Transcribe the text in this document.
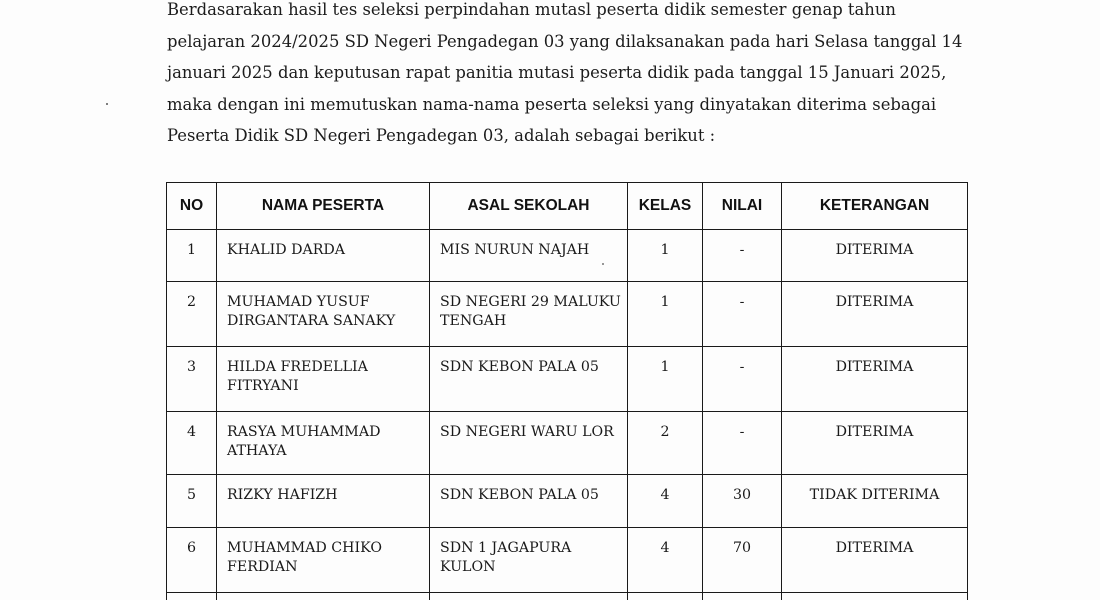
Berdasarakan hasil tes seleksi perpindahan mutasl peserta didik semester genap tahun
pelajaran 2024/2025 SD Negeri Pengadegan 03 yang dilaksanakan pada hari Selasa tanggal 14
januari 2025 dan keputusan rapat panitia mutasi peserta didik pada tanggal 15 Januari 2025,
maka dengan ini memutuskan nama-nama peserta seleksi yang dinyatakan diterima sebagai
Peserta Didik SD Negeri Pengadegan 03, adalah sebagai berikut :

NO	NAMA PESERTA	ASAL SEKOLAH	KELAS	NILAI	KETERANGAN

1	KHALID DARDA	MIS NURUN NAJAH	1	-	DITERIMA

2	MUHAMAD YUSUF DIRGANTARA SANAKY	SD NEGERI 29 MALUKU TENGAH	1	-	DITERIMA

3	HILDA FREDELLIA FITRYANI	SDN KEBON PALA 05	1	-	DITERIMA

4	RASYA MUHAMMAD ATHAYA	SD NEGERI WARU LOR	2	-	DITERIMA

5	RIZKY HAFIZH	SDN KEBON PALA 05	4	30	TIDAK DITERIMA

6	MUHAMMAD CHIKO FERDIAN	SDN 1 JAGAPURA KULON	4	70	DITERIMA
